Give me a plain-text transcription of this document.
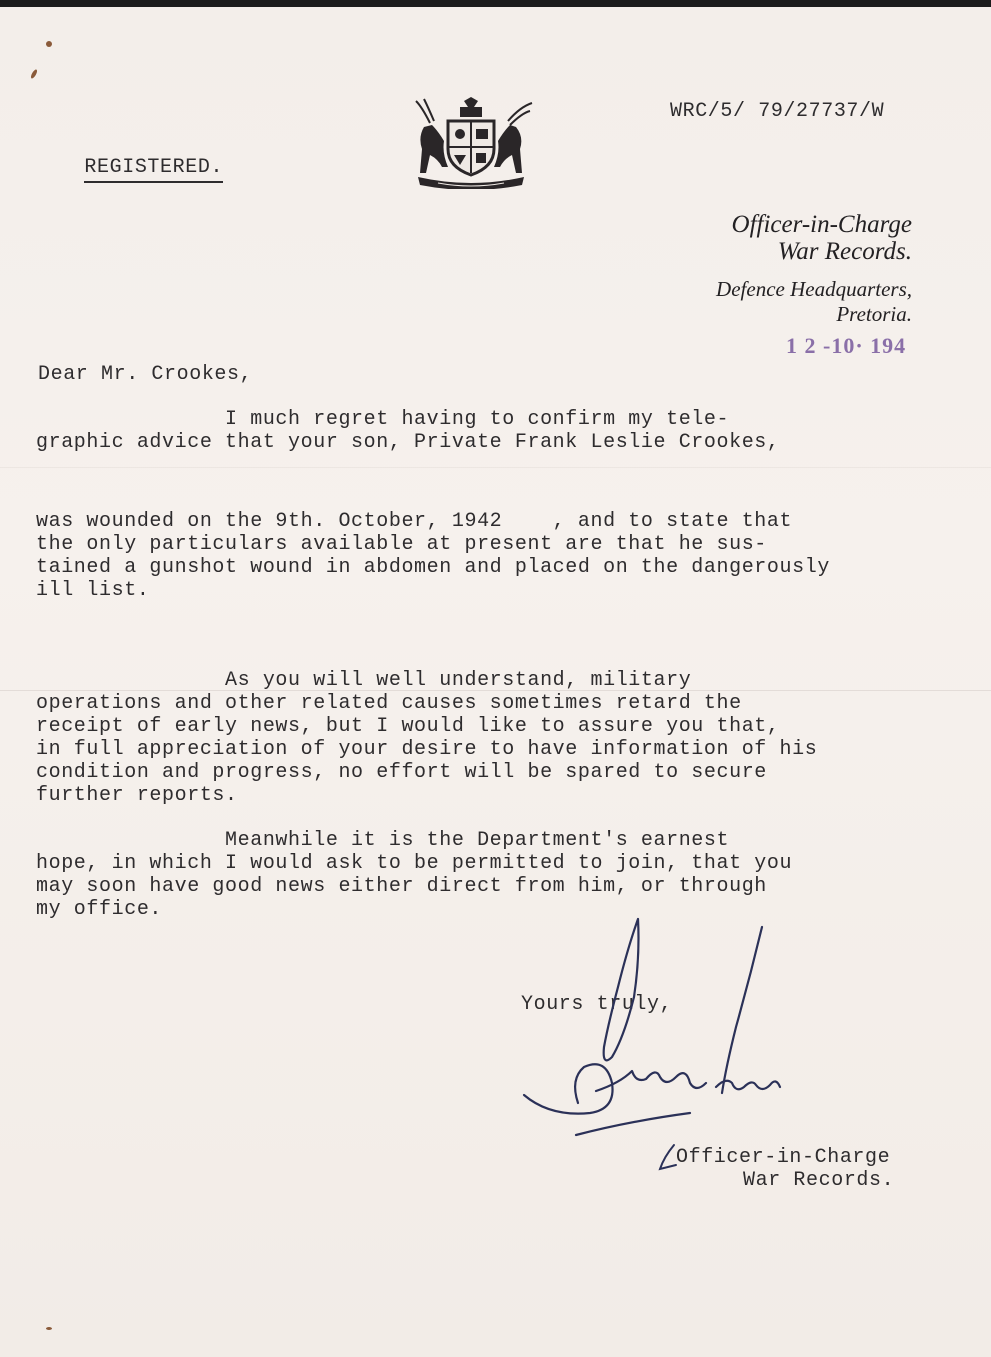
REGISTERED.

WRC/5/ 79/27737/W

Officer-in-Charge

War Records.

Defence Headquarters,

Pretoria.

1 2 -10· 194

Dear Mr. Crookes,

I much regret having to confirm my tele-

graphic advice that your son, Private Frank Leslie Crookes,

was wounded on the 9th. October, 1942    , and to state that

the only particulars available at present are that he sus-

tained a gunshot wound in abdomen and placed on the dangerously

ill list.

As you will well understand, military

operations and other related causes sometimes retard the

receipt of early news, but I would like to assure you that,

in full appreciation of your desire to have information of his

condition and progress, no effort will be spared to secure

further reports.

Meanwhile it is the Department's earnest

hope, in which I would ask to be permitted to join, that you

may soon have good news either direct from him, or through

my office.

Yours truly,

Officer-in-Charge

War Records.
